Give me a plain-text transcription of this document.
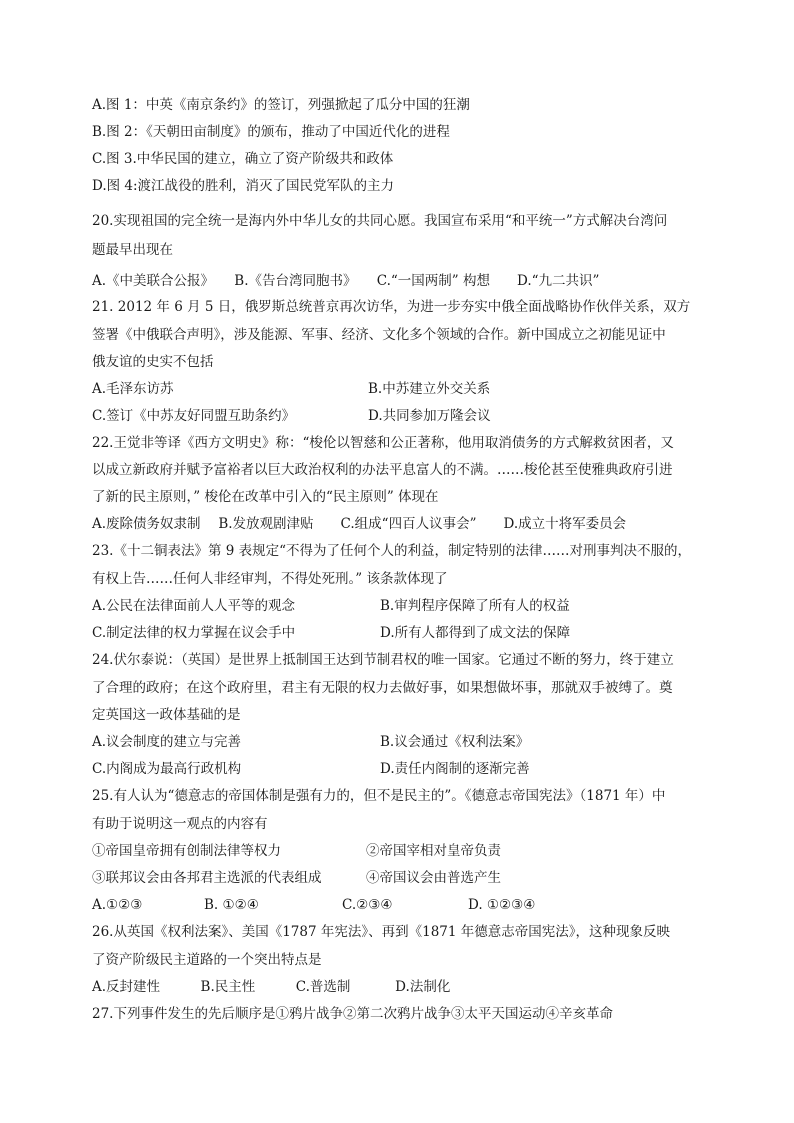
A.图 1：中英《南京条约》的签订，列强掀起了瓜分中国的狂潮
B.图 2：《天朝田亩制度》的颁布，推动了中国近代化的进程
C.图 3.中华民国的建立，确立了资产阶级共和政体
D.图 4:渡江战役的胜利，消灭了国民党军队的主力
20.实现祖国的完全统一是海内外中华儿女的共同心愿。我国宣布采用“和平统一”方式解决台湾问
题最早出现在
A.《中美联合公报》　　B.《告台湾同胞书》　　C.“一国两制” 构想　　D.“九二共识”
21. 2012 年 6 月 5 日，俄罗斯总统普京再次访华，为进一步夯实中俄全面战略协作伙伴关系，双方
签署《中俄联合声明》，涉及能源、军事、经济、文化多个领域的合作。新中国成立之初能见证中
俄友谊的史实不包括
A.毛泽东访苏	B.中苏建立外交关系
C.签订《中苏友好同盟互助条约》	D.共同参加万隆会议
22.王觉非等译《西方文明史》称：“梭伦以智慈和公正著称，他用取消债务的方式解救贫困者，又
以成立新政府并赋予富裕者以巨大政治权利的办法平息富人的不满。……梭伦甚至使雅典政府引进
了新的民主原则，” 梭伦在改革中引入的“民主原则” 体现在
A.废除债务奴隶制　 B.发放观剧津贴　　C.组成“四百人议事会”　　D.成立十将军委员会
23.《十二铜表法》第 9 表规定“不得为了任何个人的利益，制定特别的法律……对刑事判决不服的，
有权上告……任何人非经审判，不得处死刑。” 该条款体现了
A.公民在法律面前人人平等的观念	B.审判程序保障了所有人的权益
C.制定法律的权力掌握在议会手中	D.所有人都得到了成文法的保障
24.伏尔泰说：（英国）是世界上抵制国王达到节制君权的唯一国家。它通过不断的努力，终于建立
了合理的政府；在这个政府里，君主有无限的权力去做好事，如果想做坏事，那就双手被缚了。奠
定英国这一政体基础的是
A.议会制度的建立与完善	B.议会通过《权利法案》
C.内阁成为最高行政机构	D.责任内阁制的逐渐完善
25.有人认为“德意志的帝国体制是强有力的，但不是民主的”。《德意志帝国宪法》（1871 年）中
有助于说明这一观点的内容有
①帝国皇帝拥有创制法律等权力	②帝国宰相对皇帝负责
③联邦议会由各邦君主选派的代表组成	④帝国议会由普选产生
A.①②③	B. ①②④	C.②③④	D. ①②③④
26.从英国《权利法案》、美国《1787 年宪法》、再到《1871 年德意志帝国宪法》，这种现象反映
了资产阶级民主道路的一个突出特点是
A.反封建性　　　B.民主性　　　C.普选制　　　 D.法制化
27.下列事件发生的先后顺序是①鸦片战争②第二次鸦片战争③太平天国运动④辛亥革命
